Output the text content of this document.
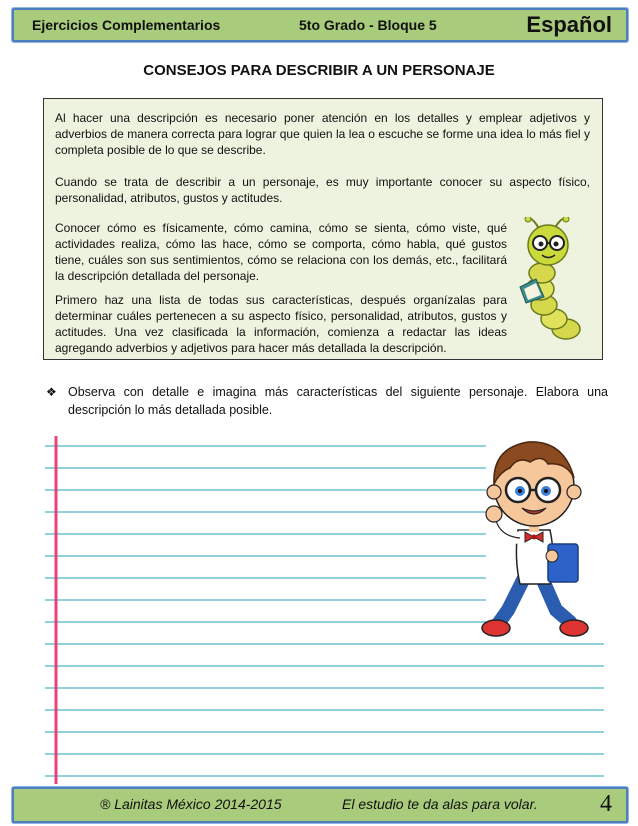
Ejercicios Complementarios	5to Grado - Bloque 5	Español
CONSEJOS PARA DESCRIBIR A UN PERSONAJE

Al hacer una descripción es necesario poner atención en los detalles y emplear adjetivos y adverbios de manera correcta para lograr que quien la lea o escuche se forme una idea lo más fiel y completa posible de lo que se describe.

Cuando se trata de describir a un personaje, es muy importante conocer su aspecto físico, personalidad, atributos, gustos y actitudes.

Conocer cómo es físicamente, cómo camina, cómo se sienta, cómo viste, qué actividades realiza, cómo las hace, cómo se comporta, cómo habla, qué gustos tiene, cuáles son sus sentimientos, cómo se relaciona con los demás, etc., facilitará la descripción detallada del personaje.

Primero haz una lista de todas sus características, después organízalas para determinar cuáles pertenecen a su aspecto físico, personalidad, atributos, gustos y actitudes. Una vez clasificada la información, comienza a redactar las ideas agregando adverbios y adjetivos para hacer más detallada la descripción.

❖ Observa con detalle e imagina más características del siguiente personaje. Elabora una descripción lo más detallada posible.
® Lainitas México 2014-2015	El estudio te da alas para volar.	4
